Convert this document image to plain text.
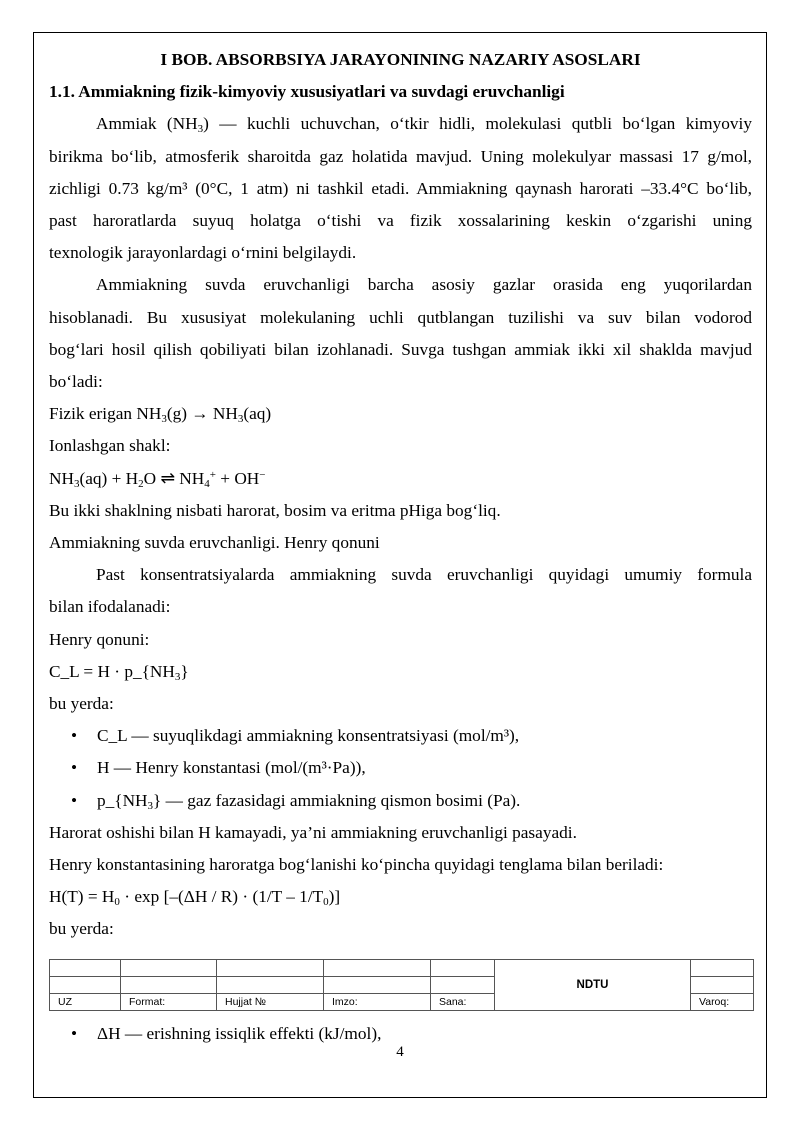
I BOB. ABSORBSIYA JARAYONINING NAZARIY ASOSLARI
1.1. Ammiakning fizik-kimyoviy xususiyatlari va suvdagi eruvchanligi
Ammiak $(NH_3)$ — kuchli uchuvchan, o‘tkir hidli, molekulasi qutbli bo‘lgan kimyoviy
birikma bo‘lib, atmosferik sharoitda gaz holatida mavjud. Uning molekulyar massasi 17 g/mol,
zichligi 0.73 kg/m³ (0°C, 1 atm) ni tashkil etadi. Ammiakning qaynash harorati –33.4°C bo‘lib,
past haroratlarda suyuq holatga o‘tishi va fizik xossalarining keskin o‘zgarishi uning
texnologik jarayonlardagi o‘rnini belgilaydi.
Ammiakning suvda eruvchanligi barcha asosiy gazlar orasida eng yuqorilardan
hisoblanadi. Bu xususiyat molekulaning uchli qutblangan tuzilishi va suv bilan vodorod
bog‘lari hosil qilish qobiliyati bilan izohlanadi. Suvga tushgan ammiak ikki xil shaklda mavjud
bo‘ladi:
Fizik erigan $NH_3(g) \to NH_3(aq)$
Ionlashgan shakl:
$NH_3(aq) + H_2O$ ⇌ $NH_4^+ + OH^-$
Bu ikki shaklning nisbati harorat, bosim va eritma pHiga bog‘liq.
Ammiakning suvda eruvchanligi. Henry qonuni
Past konsentratsiyalarda ammiakning suvda eruvchanligi quyidagi umumiy formula
bilan ifodalanadi:
Henry qonuni:
C_L = $H \cdot p\_\{NH_3\}$
bu yerda:
• C_L — suyuqlikdagi ammiakning konsentratsiyasi (mol/m³),
• H — Henry konstantasi (mol/(m³·Pa)),
• $p\_\{NH_3\}$ — gaz fazasidagi ammiakning qismon bosimi (Pa).
Harorat oshishi bilan H kamayadi, ya’ni ammiakning eruvchanligi pasayadi.
Henry konstantasining haroratga bog‘lanishi ko‘pincha quyidagi tenglama bilan beriladi:
$H(T) = H_0 \cdot \exp [-(\Delta H / R) \cdot (1/T - 1/T_0)]$
bu yerda:
					NDTU	

UZ	Format:	Hujjat №	Imzo:	Sana:		Varoq:
• ΔH — erishning issiqlik effekti (kJ/mol),
4
